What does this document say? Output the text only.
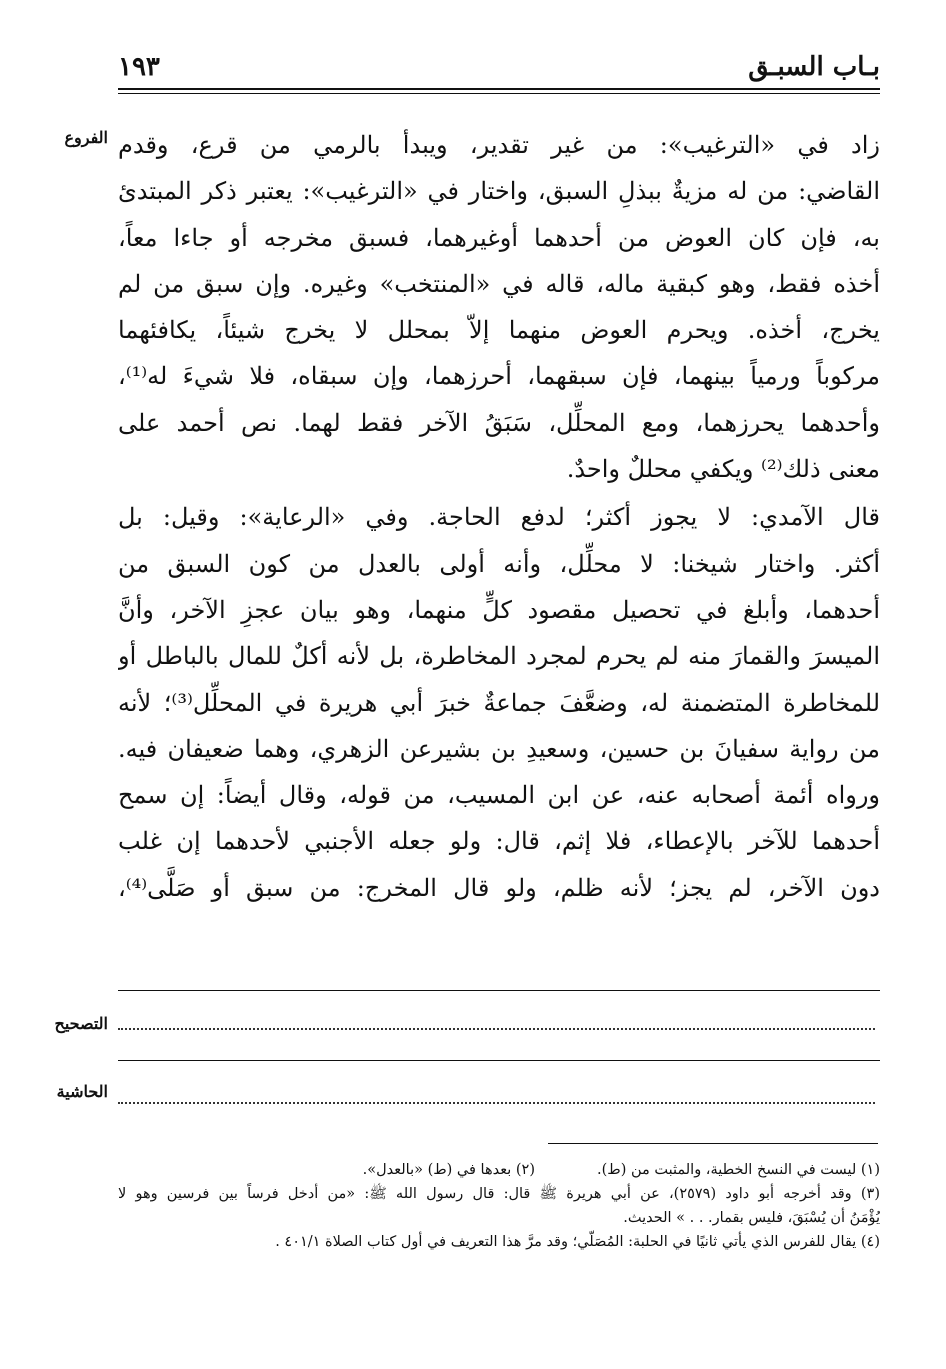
بـاب السبـق
١٩٣
الفروع زاد في «الترغيب»: من غير تقدير، ويبدأ بالرمي من قرع، وقدم
القاضي: من له مزيةٌ ببذلِ السبق، واختار في «الترغيب»: يعتبر ذكر المبتدئ
به، فإن كان العوض من أحدهما أوغيرهما، فسبق مخرجه أو جاءا معاً،
أخذه فقط، وهو كبقية ماله، قاله في «المنتخب» وغيره. وإن سبق من لم
يخرج، أخذه. ويحرم العوض منهما إلاّ بمحلل لا يخرج شيئاً، يكافئهما
مركوباً ورمياً بينهما، فإن سبقهما، أحرزهما، وإن سبقاه، فلا شيءَ له⁽¹⁾،
وأحدهما يحرزهما، ومع المحلِّل، سَبَقُ الآخر فقط لهما. نص أحمد على
معنى ذلك⁽²⁾ ويكفي محللٌ واحدٌ.
قال الآمدي: لا يجوز أكثر؛ لدفع الحاجة. وفي «الرعاية»: وقيل: بل
أكثر. واختار شيخنا: لا محلِّل، وأنه أولى بالعدل من كون السبق من
أحدهما، وأبلغ في تحصيل مقصود كلٍّ منهما، وهو بيان عجزِ الآخر، وأنَّ
الميسرَ والقمارَ منه لم يحرم لمجرد المخاطرة، بل لأنه أكلٌ للمال بالباطل أو
للمخاطرة المتضمنة له، وضعَّفَ جماعةٌ خبرَ أبي هريرة في المحلِّل⁽³⁾؛ لأنه
من رواية سفيانَ بن حسين، وسعيدِ بن بشيرعن الزهري، وهما ضعيفان فيه.
ورواه أئمة أصحابه عنه، عن ابن المسيب، من قوله، وقال أيضاً: إن سمح
أحدهما للآخر بالإعطاء، فلا إثم، قال: ولو جعله الأجنبي لأحدهما إن غلب
دون الآخر، لم يجز؛ لأنه ظلم، ولو قال المخرج: من سبق أو صَلَّى⁽⁴⁾،
التصحيح
الحاشية
(١) ليست في النسخ الخطية، والمثبت من (ط).
(٢) بعدها في (ط) «بالعدل».
(٣) وقد أخرجه أبو داود (٢٥٧٩)، عن أبي هريرة ﷺ قال: قال رسول الله ﷺ: «من أدخل فرساً بين فرسين وهو لا
يُؤْمَنُ أن يُسْبَقَ، فليس بقمار. . . » الحديث.
(٤) يقال للفرس الذي يأتي ثانيًا في الحلبة: المُصَلّي؛ وقد مرَّ هذا التعريف في أول كتاب الصلاة ٤٠١/١ .
